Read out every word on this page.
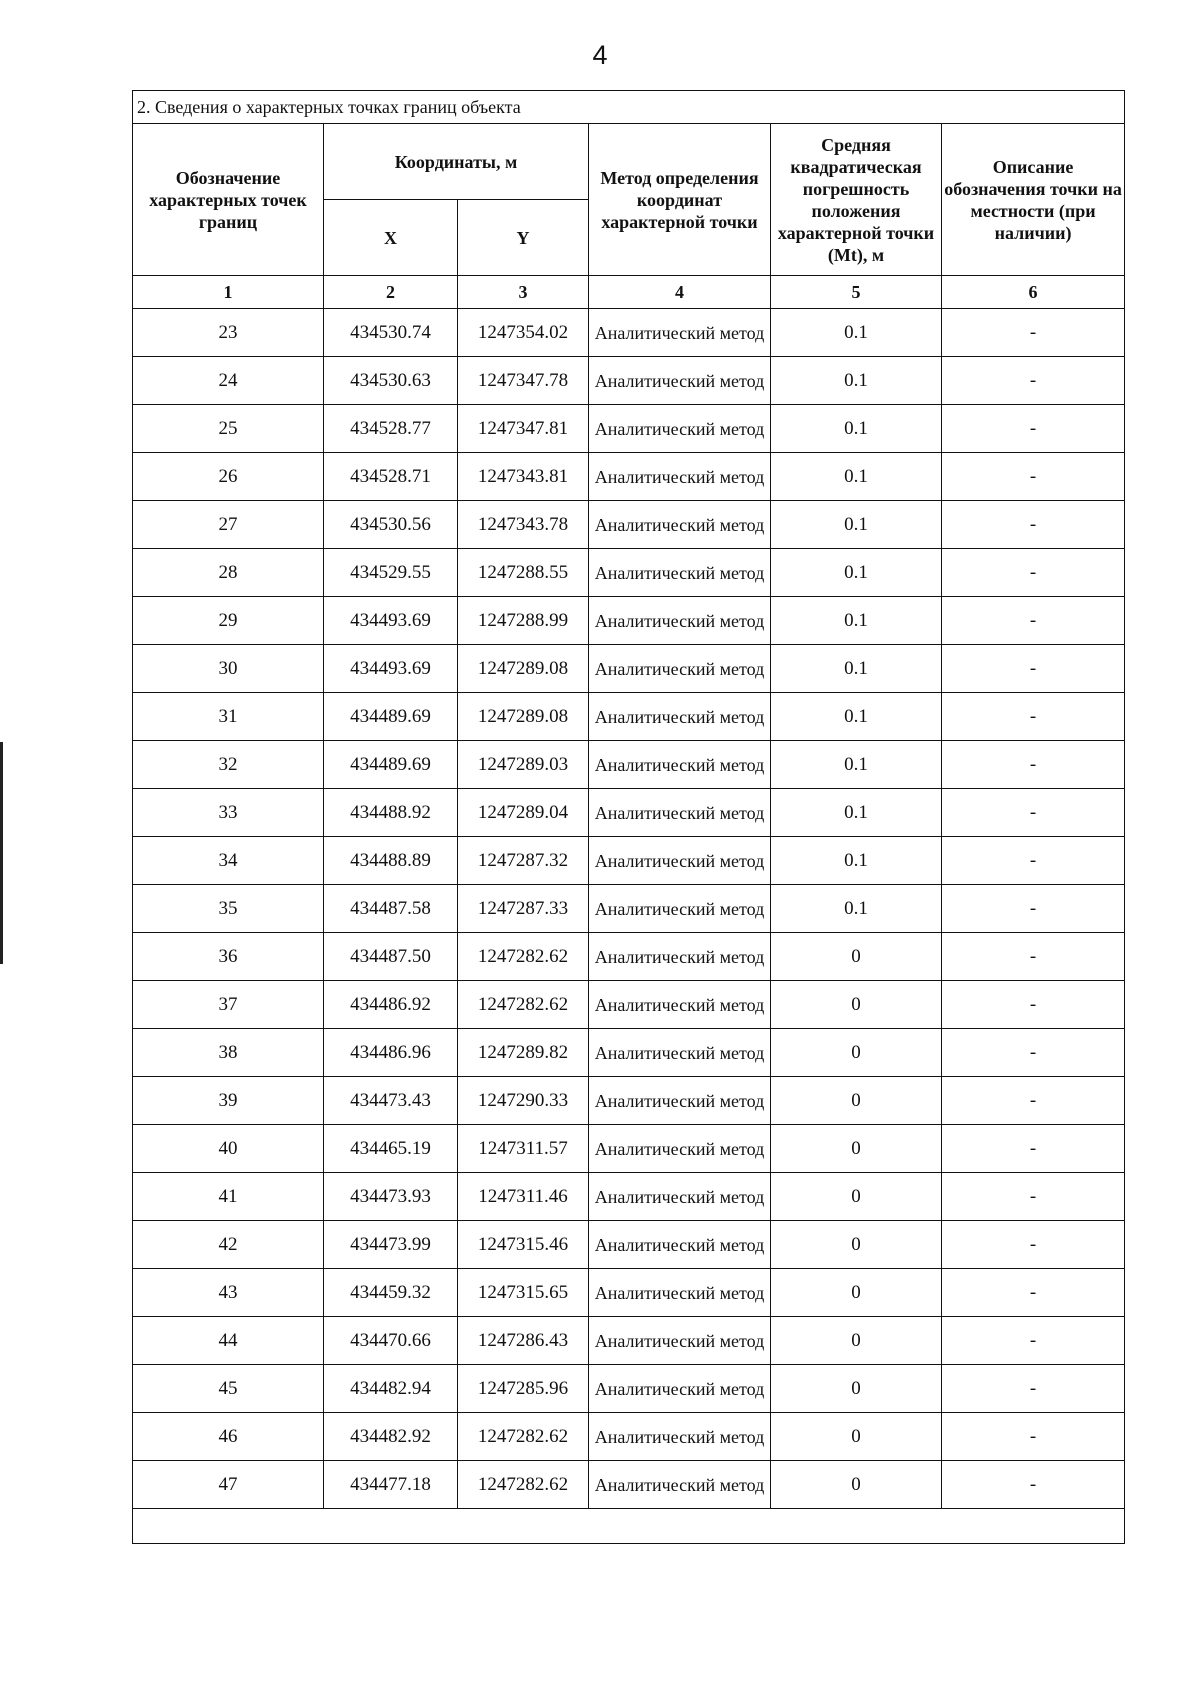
4
2. Сведения о характерных точках границ объекта					
Обозначение характерных точек границ	Координаты, м		Метод определения координат характерной точки	Средняя квадратическая погрешность положения характерной точки (Mt), м	Описание обозначения точки на местности (при наличии)
	X	Y			
1	2	3	4	5	6
23	434530.74	1247354.02	Аналитический метод	0.1	-
24	434530.63	1247347.78	Аналитический метод	0.1	-
25	434528.77	1247347.81	Аналитический метод	0.1	-
26	434528.71	1247343.81	Аналитический метод	0.1	-
27	434530.56	1247343.78	Аналитический метод	0.1	-
28	434529.55	1247288.55	Аналитический метод	0.1	-
29	434493.69	1247288.99	Аналитический метод	0.1	-
30	434493.69	1247289.08	Аналитический метод	0.1	-
31	434489.69	1247289.08	Аналитический метод	0.1	-
32	434489.69	1247289.03	Аналитический метод	0.1	-
33	434488.92	1247289.04	Аналитический метод	0.1	-
34	434488.89	1247287.32	Аналитический метод	0.1	-
35	434487.58	1247287.33	Аналитический метод	0.1	-
36	434487.50	1247282.62	Аналитический метод	0	-
37	434486.92	1247282.62	Аналитический метод	0	-
38	434486.96	1247289.82	Аналитический метод	0	-
39	434473.43	1247290.33	Аналитический метод	0	-
40	434465.19	1247311.57	Аналитический метод	0	-
41	434473.93	1247311.46	Аналитический метод	0	-
42	434473.99	1247315.46	Аналитический метод	0	-
43	434459.32	1247315.65	Аналитический метод	0	-
44	434470.66	1247286.43	Аналитический метод	0	-
45	434482.94	1247285.96	Аналитический метод	0	-
46	434482.92	1247282.62	Аналитический метод	0	-
47	434477.18	1247282.62	Аналитический метод	0	-
